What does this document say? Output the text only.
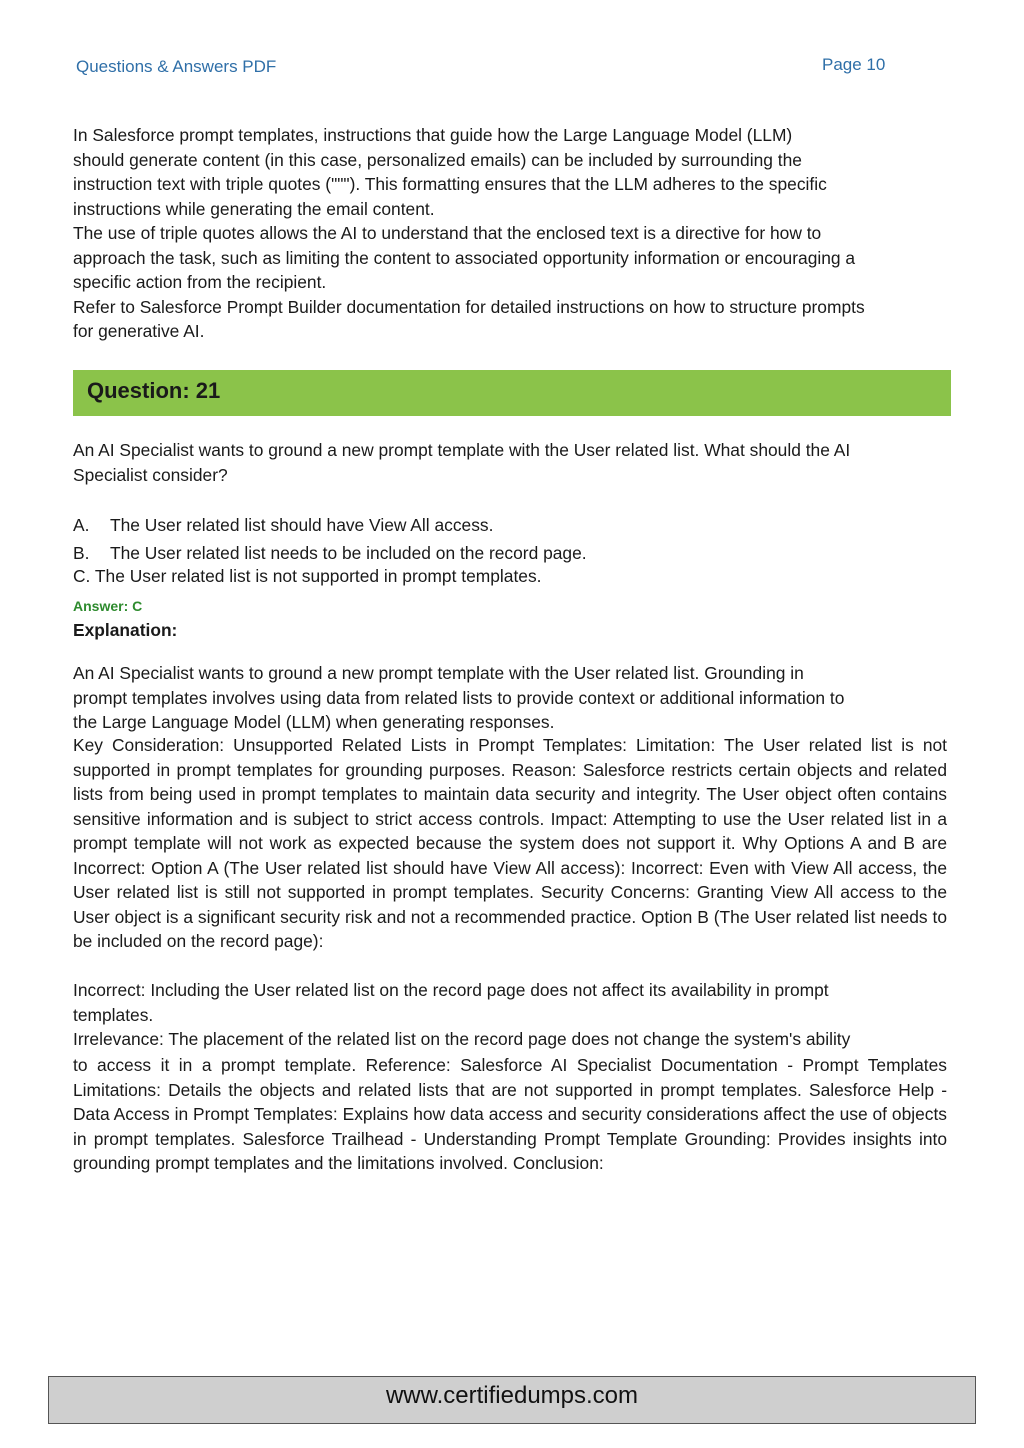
Questions & Answers PDF	Page 10
In Salesforce prompt templates, instructions that guide how the Large Language Model (LLM)
should generate content (in this case, personalized emails) can be included by surrounding the
instruction text with triple quotes ("""). This formatting ensures that the LLM adheres to the specific
instructions while generating the email content.
The use of triple quotes allows the AI to understand that the enclosed text is a directive for how to
approach the task, such as limiting the content to associated opportunity information or encouraging a
specific action from the recipient.
Refer to Salesforce Prompt Builder documentation for detailed instructions on how to structure prompts
for generative AI.
Question: 21
An AI Specialist wants to ground a new prompt template with the User related list. What should the AI
Specialist consider?
A. The User related list should have View All access.
B. The User related list needs to be included on the record page.
C. The User related list is not supported in prompt templates.
Answer: C
Explanation:
An AI Specialist wants to ground a new prompt template with the User related list. Grounding in
prompt templates involves using data from related lists to provide context or additional information to
the Large Language Model (LLM) when generating responses.
Key Consideration: Unsupported Related Lists in Prompt Templates: Limitation: The User related list is not supported in prompt templates for grounding purposes. Reason: Salesforce restricts certain objects and related lists from being used in prompt templates to maintain data security and integrity. The User object often contains sensitive information and is subject to strict access controls. Impact: Attempting to use the User related list in a prompt template will not work as expected because the system does not support it. Why Options A and B are Incorrect: Option A (The User related list should have View All access): Incorrect: Even with View All access, the User related list is still not supported in prompt templates. Security Concerns: Granting View All access to the User object is a significant security risk and not a recommended practice. Option B (The User related list needs to be included on the record page):
Incorrect: Including the User related list on the record page does not affect its availability in prompt
templates.
Irrelevance: The placement of the related list on the record page does not change the system's ability
to access it in a prompt template. Reference: Salesforce AI Specialist Documentation - Prompt Templates Limitations: Details the objects and related lists that are not supported in prompt templates. Salesforce Help - Data Access in Prompt Templates: Explains how data access and security considerations affect the use of objects in prompt templates. Salesforce Trailhead - Understanding Prompt Template Grounding: Provides insights into grounding prompt templates and the limitations involved. Conclusion:
www.certifiedumps.com
